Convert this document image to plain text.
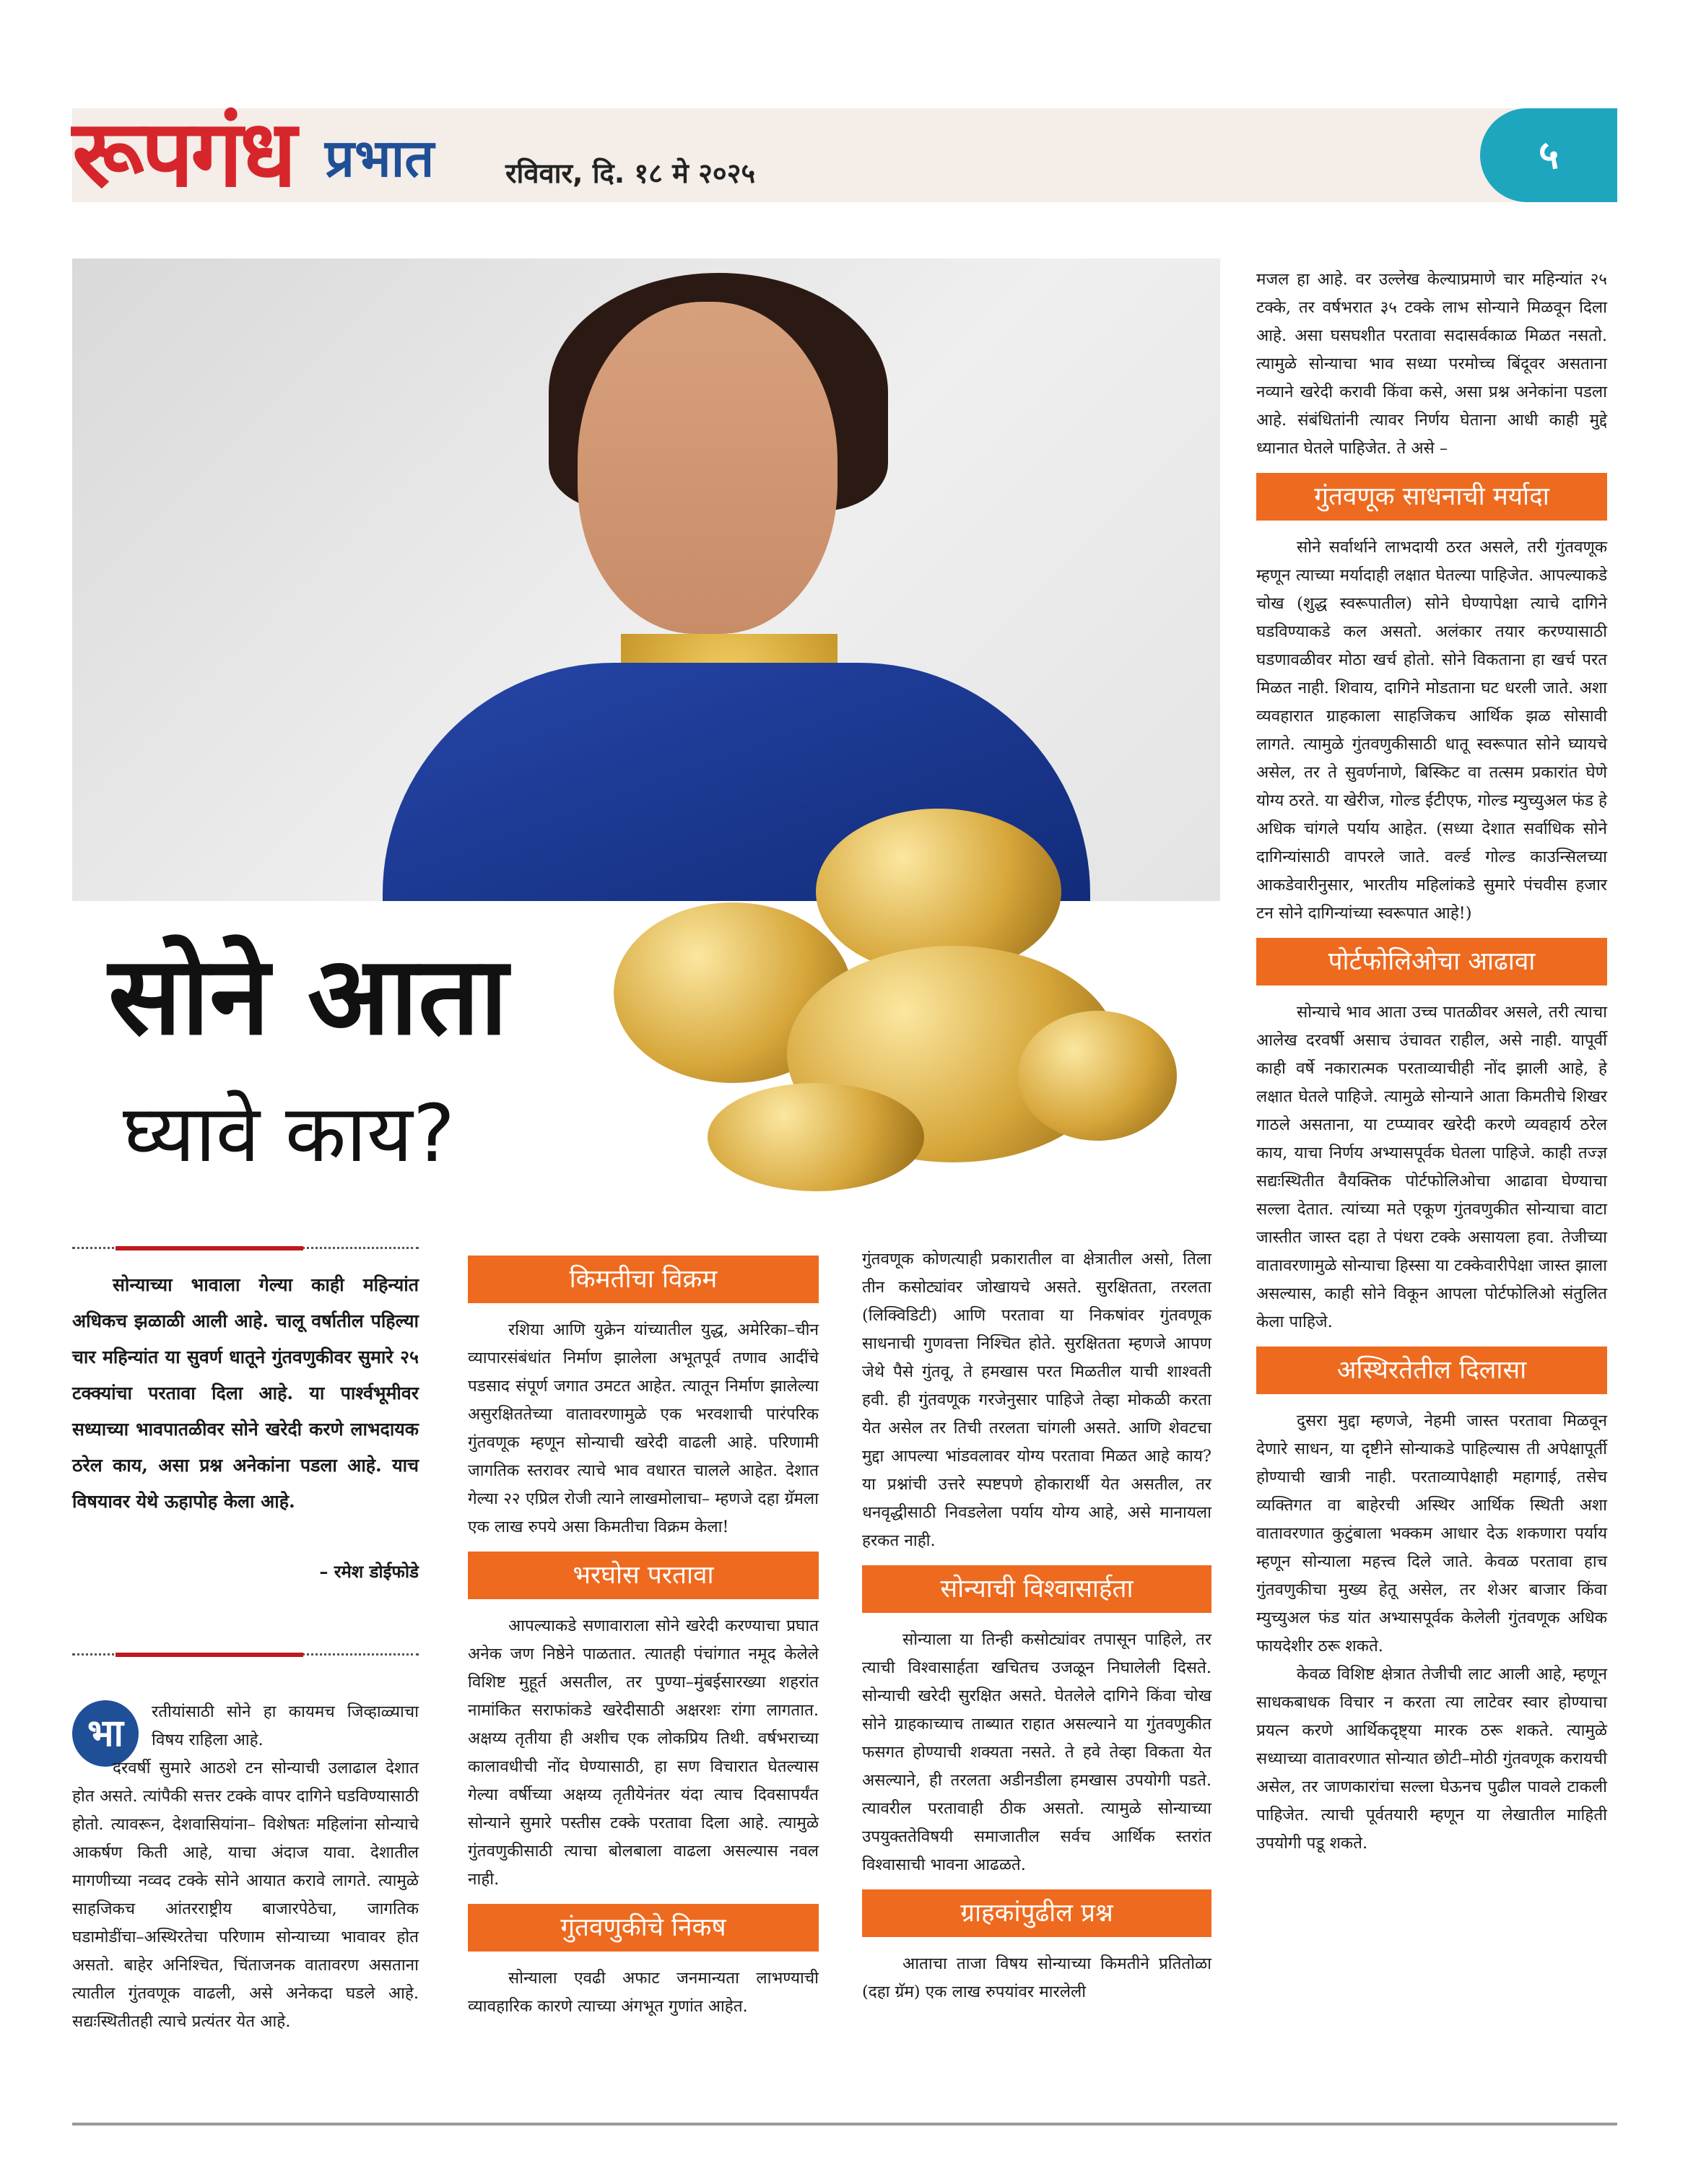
रूपगंध प्रभात	रविवार, दि. १८ मे २०२५	५
सोने आता
घ्यावे काय?

सोन्याच्या भावाला गेल्या काही महिन्यांत अधिकच झळाळी आली आहे. चालू वर्षातील पहिल्या चार महिन्यांत या सुवर्ण धातूने गुंतवणुकीवर सुमारे २५ टक्क्यांचा परतावा दिला आहे. या पार्श्वभूमीवर सध्याच्या भावपातळीवर सोने खरेदी करणे लाभदायक ठरेल काय, असा प्रश्न अनेकांना पडला आहे. याच विषयावर येथे ऊहापोह केला आहे.

– रमेश डोईफोडे
भा	रतीयांसाठी सोने हा कायमच जिव्हाळ्याचा विषय राहिला आहे.

दरवर्षी सुमारे आठशे टन सोन्याची उलाढाल देशात होत असते. त्यांपैकी सत्तर टक्के वापर दागिने घडविण्यासाठी होतो. त्यावरून, देशवासियांना– विशेषतः महिलांना सोन्याचे आकर्षण किती आहे, याचा अंदाज यावा. देशातील मागणीच्या नव्वद टक्के सोने आयात करावे लागते. त्यामुळे साहजिकच आंतरराष्ट्रीय बाजारपेठेचा, जागतिक घडामोडींचा–अस्थिरतेचा परिणाम सोन्याच्या भावावर होत असतो. बाहेर अनिश्चित, चिंताजनक वातावरण असताना त्यातील गुंतवणूक वाढली, असे अनेकदा घडले आहे. सद्यःस्थितीतही त्याचे प्रत्यंतर येत आहे.

किमतीचा विक्रम

रशिया आणि युक्रेन यांच्यातील युद्ध, अमेरिका–चीन व्यापारसंबंधांत निर्माण झालेला अभूतपूर्व तणाव आदींचे पडसाद संपूर्ण जगात उमटत आहेत. त्यातून निर्माण झालेल्या असुरक्षिततेच्या वातावरणामुळे एक भरवशाची पारंपरिक गुंतवणूक म्हणून सोन्याची खरेदी वाढली आहे. परिणामी जागतिक स्तरावर त्याचे भाव वधारत चालले आहेत. देशात गेल्या २२ एप्रिल रोजी त्याने लाखमोलाचा– म्हणजे दहा ग्रॅमला एक लाख रुपये असा किमतीचा विक्रम केला!

भरघोस परतावा

आपल्याकडे सणावाराला सोने खरेदी करण्याचा प्रघात अनेक जण निष्ठेने पाळतात. त्यातही पंचांगात नमूद केलेले विशिष्ट मुहूर्त असतील, तर पुण्या–मुंबईसारख्या शहरांत नामांकित सराफांकडे खरेदीसाठी अक्षरशः रांगा लागतात. अक्षय्य तृतीया ही अशीच एक लोकप्रिय तिथी. वर्षभराच्या कालावधीची नोंद घेण्यासाठी, हा सण विचारात घेतल्यास गेल्या वर्षीच्या अक्षय्य तृतीयेनंतर यंदा त्याच दिवसापर्यंत सोन्याने सुमारे पस्तीस टक्के परतावा दिला आहे. त्यामुळे गुंतवणुकीसाठी त्याचा बोलबाला वाढला असल्यास नवल नाही.

गुंतवणुकीचे निकष

सोन्याला एवढी अफाट जनमान्यता लाभण्याची व्यावहारिक कारणे त्याच्या अंगभूत गुणांत आहेत.

गुंतवणूक कोणत्याही प्रकारातील वा क्षेत्रातील असो, तिला तीन कसोट्यांवर जोखायचे असते. सुरक्षितता, तरलता (लिक्विडिटी) आणि परतावा या निकषांवर गुंतवणूक साधनाची गुणवत्ता निश्चित होते. सुरक्षितता म्हणजे आपण जेथे पैसे गुंतवू, ते हमखास परत मिळतील याची शाश्वती हवी. ही गुंतवणूक गरजेनुसार पाहिजे तेव्हा मोकळी करता येत असेल तर तिची तरलता चांगली असते. आणि शेवटचा मुद्दा आपल्या भांडवलावर योग्य परतावा मिळत आहे काय? या प्रश्नांची उत्तरे स्पष्टपणे होकारार्थी येत असतील, तर धनवृद्धीसाठी निवडलेला पर्याय योग्य आहे, असे मानायला हरकत नाही.

सोन्याची विश्वासार्हता

सोन्याला या तिन्ही कसोट्यांवर तपासून पाहिले, तर त्याची विश्वासार्हता खचितच उजळून निघालेली दिसते. सोन्याची खरेदी सुरक्षित असते. घेतलेले दागिने किंवा चोख सोने ग्राहकाच्याच ताब्यात राहात असल्याने या गुंतवणुकीत फसगत होण्याची शक्यता नसते. ते हवे तेव्हा विकता येत असल्याने, ही तरलता अडीनडीला हमखास उपयोगी पडते. त्यावरील परतावाही ठीक असतो. त्यामुळे सोन्याच्या उपयुक्ततेविषयी समाजातील सर्वच आर्थिक स्तरांत विश्वासाची भावना आढळते.

ग्राहकांपुढील प्रश्न

आताचा ताजा विषय सोन्याच्या किमतीने प्रतितोळा (दहा ग्रॅम) एक लाख रुपयांवर मारलेली

मजल हा आहे. वर उल्लेख केल्याप्रमाणे चार महिन्यांत २५ टक्के, तर वर्षभरात ३५ टक्के लाभ सोन्याने मिळवून दिला आहे. असा घसघशीत परतावा सदासर्वकाळ मिळत नसतो. त्यामुळे सोन्याचा भाव सध्या परमोच्च बिंदूवर असताना नव्याने खरेदी करावी किंवा कसे, असा प्रश्न अनेकांना पडला आहे. संबंधितांनी त्यावर निर्णय घेताना आधी काही मुद्दे ध्यानात घेतले पाहिजेत. ते असे –

गुंतवणूक साधनाची मर्यादा

सोने सर्वार्थाने लाभदायी ठरत असले, तरी गुंतवणूक म्हणून त्याच्या मर्यादाही लक्षात घेतल्या पाहिजेत. आपल्याकडे चोख (शुद्ध स्वरूपातील) सोने घेण्यापेक्षा त्याचे दागिने घडविण्याकडे कल असतो. अलंकार तयार करण्यासाठी घडणावळीवर मोठा खर्च होतो. सोने विकताना हा खर्च परत मिळत नाही. शिवाय, दागिने मोडताना घट धरली जाते. अशा व्यवहारात ग्राहकाला साहजिकच आर्थिक झळ सोसावी लागते. त्यामुळे गुंतवणुकीसाठी धातू स्वरूपात सोने घ्यायचे असेल, तर ते सुवर्णनाणे, बिस्किट वा तत्सम प्रकारांत घेणे योग्य ठरते. या खेरीज, गोल्ड ईटीएफ, गोल्ड म्युच्युअल फंड हे अधिक चांगले पर्याय आहेत. (सध्या देशात सर्वाधिक सोने दागिन्यांसाठी वापरले जाते. वर्ल्ड गोल्ड काउन्सिलच्या आकडेवारीनुसार, भारतीय महिलांकडे सुमारे पंचवीस हजार टन सोने दागिन्यांच्या स्वरूपात आहे!)

पोर्टफोलिओचा आढावा

सोन्याचे भाव आता उच्च पातळीवर असले, तरी त्याचा आलेख दरवर्षी असाच उंचावत राहील, असे नाही. यापूर्वी काही वर्षे नकारात्मक परताव्याचीही नोंद झाली आहे, हे लक्षात घेतले पाहिजे. त्यामुळे सोन्याने आता किमतीचे शिखर गाठले असताना, या टप्प्यावर खरेदी करणे व्यवहार्य ठरेल काय, याचा निर्णय अभ्यासपूर्वक घेतला पाहिजे. काही तज्ज्ञ सद्यःस्थितीत वैयक्तिक पोर्टफोलिओचा आढावा घेण्याचा सल्ला देतात. त्यांच्या मते एकूण गुंतवणुकीत सोन्याचा वाटा जास्तीत जास्त दहा ते पंधरा टक्के असायला हवा. तेजीच्या वातावरणामुळे सोन्याचा हिस्सा या टक्केवारीपेक्षा जास्त झाला असल्यास, काही सोने विकून आपला पोर्टफोलिओ संतुलित केला पाहिजे.

अस्थिरतेतील दिलासा

दुसरा मुद्दा म्हणजे, नेहमी जास्त परतावा मिळवून देणारे साधन, या दृष्टीने सोन्याकडे पाहिल्यास ती अपेक्षापूर्ती होण्याची खात्री नाही. परताव्यापेक्षाही महागाई, तसेच व्यक्तिगत वा बाहेरची अस्थिर आर्थिक स्थिती अशा वातावरणात कुटुंबाला भक्कम आधार देऊ शकणारा पर्याय म्हणून सोन्याला महत्त्व दिले जाते. केवळ परतावा हाच गुंतवणुकीचा मुख्य हेतू असेल, तर शेअर बाजार किंवा म्युच्युअल फंड यांत अभ्यासपूर्वक केलेली गुंतवणूक अधिक फायदेशीर ठरू शकते.

केवळ विशिष्ट क्षेत्रात तेजीची लाट आली आहे, म्हणून साधकबाधक विचार न करता त्या लाटेवर स्वार होण्याचा प्रयत्न करणे आर्थिकदृष्ट्या मारक ठरू शकते. त्यामुळे सध्याच्या वातावरणात सोन्यात छोटी–मोठी गुंतवणूक करायची असेल, तर जाणकारांचा सल्ला घेऊनच पुढील पावले टाकली पाहिजेत. त्याची पूर्वतयारी म्हणून या लेखातील माहिती उपयोगी पडू शकते.
